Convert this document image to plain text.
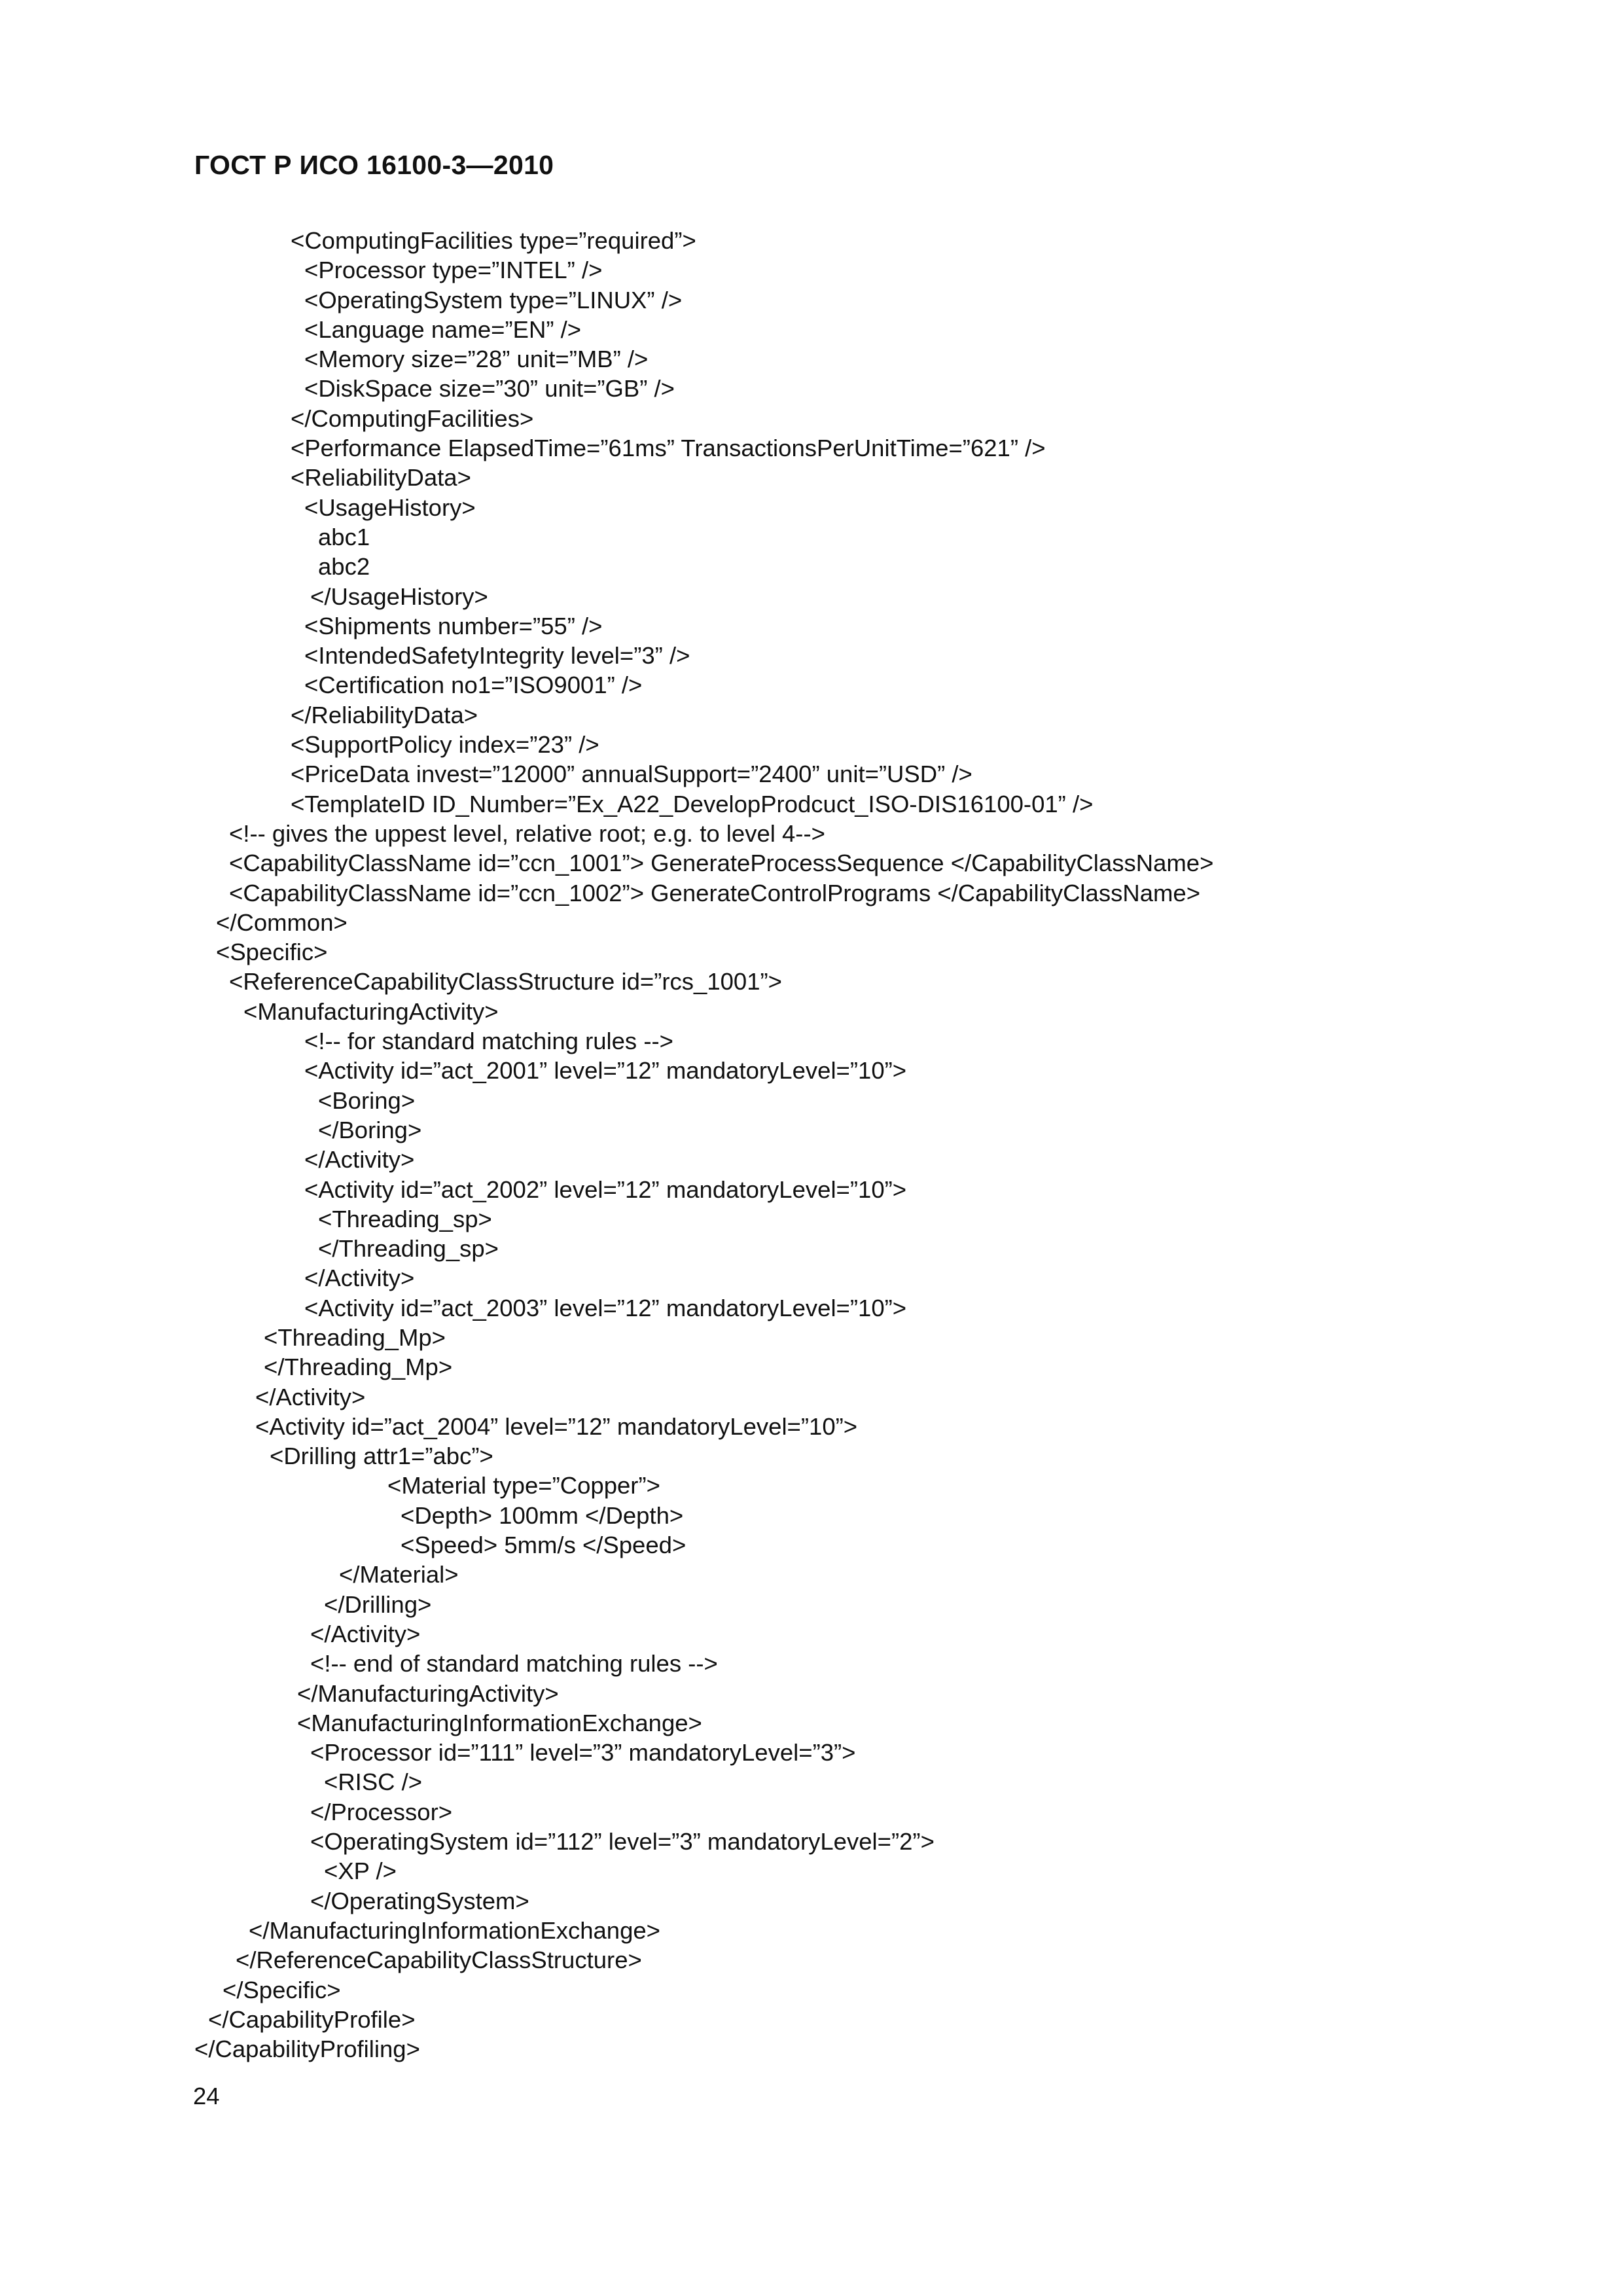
ГОСТ Р ИСО 16100-3—2010
<ComputingFacilities type=”required”>
<Processor type=”INTEL” />
<OperatingSystem type=”LINUX” />
<Language name=”EN” />
<Memory size=”28” unit=”MB” />
<DiskSpace size=”30” unit=”GB” />
</ComputingFacilities>
<Performance ElapsedTime=”61ms” TransactionsPerUnitTime=”621” />
<ReliabilityData>
<UsageHistory>
abc1
abc2
</UsageHistory>
<Shipments number=”55” />
<IntendedSafetyIntegrity level=”3” />
<Certification no1=”ISO9001” />
</ReliabilityData>
<SupportPolicy index=”23” />
<PriceData invest=”12000” annualSupport=”2400” unit=”USD” />
<TemplateID ID_Number=”Ex_A22_DevelopProdcuct_ISO-DIS16100-01” />
<!-- gives the uppest level, relative root; e.g. to level 4-->
<CapabilityClassName id=”ccn_1001”> GenerateProcessSequence </CapabilityClassName>
<CapabilityClassName id=”ccn_1002”> GenerateControlPrograms </CapabilityClassName>
</Common>
<Specific>
<ReferenceCapabilityClassStructure id=”rcs_1001”>
<ManufacturingActivity>
<!-- for standard matching rules -->
<Activity id=”act_2001” level=”12” mandatoryLevel=”10”>
<Boring>
</Boring>
</Activity>
<Activity id=”act_2002” level=”12” mandatoryLevel=”10”>
<Threading_sp>
</Threading_sp>
</Activity>
<Activity id=”act_2003” level=”12” mandatoryLevel=”10”>
<Threading_Mp>
</Threading_Mp>
</Activity>
<Activity id=”act_2004” level=”12” mandatoryLevel=”10”>
<Drilling attr1=”abc”>
<Material type=”Copper”>
<Depth> 100mm </Depth>
<Speed> 5mm/s </Speed>
</Material>
</Drilling>
</Activity>
<!-- end of standard matching rules -->
</ManufacturingActivity>
<ManufacturingInformationExchange>
<Processor id=”111” level=”3” mandatoryLevel=”3”>
<RISC />
</Processor>
<OperatingSystem id=”112” level=”3” mandatoryLevel=”2”>
<XP />
</OperatingSystem>
</ManufacturingInformationExchange>
</ReferenceCapabilityClassStructure>
</Specific>
</CapabilityProfile>
</CapabilityProfiling>
24
